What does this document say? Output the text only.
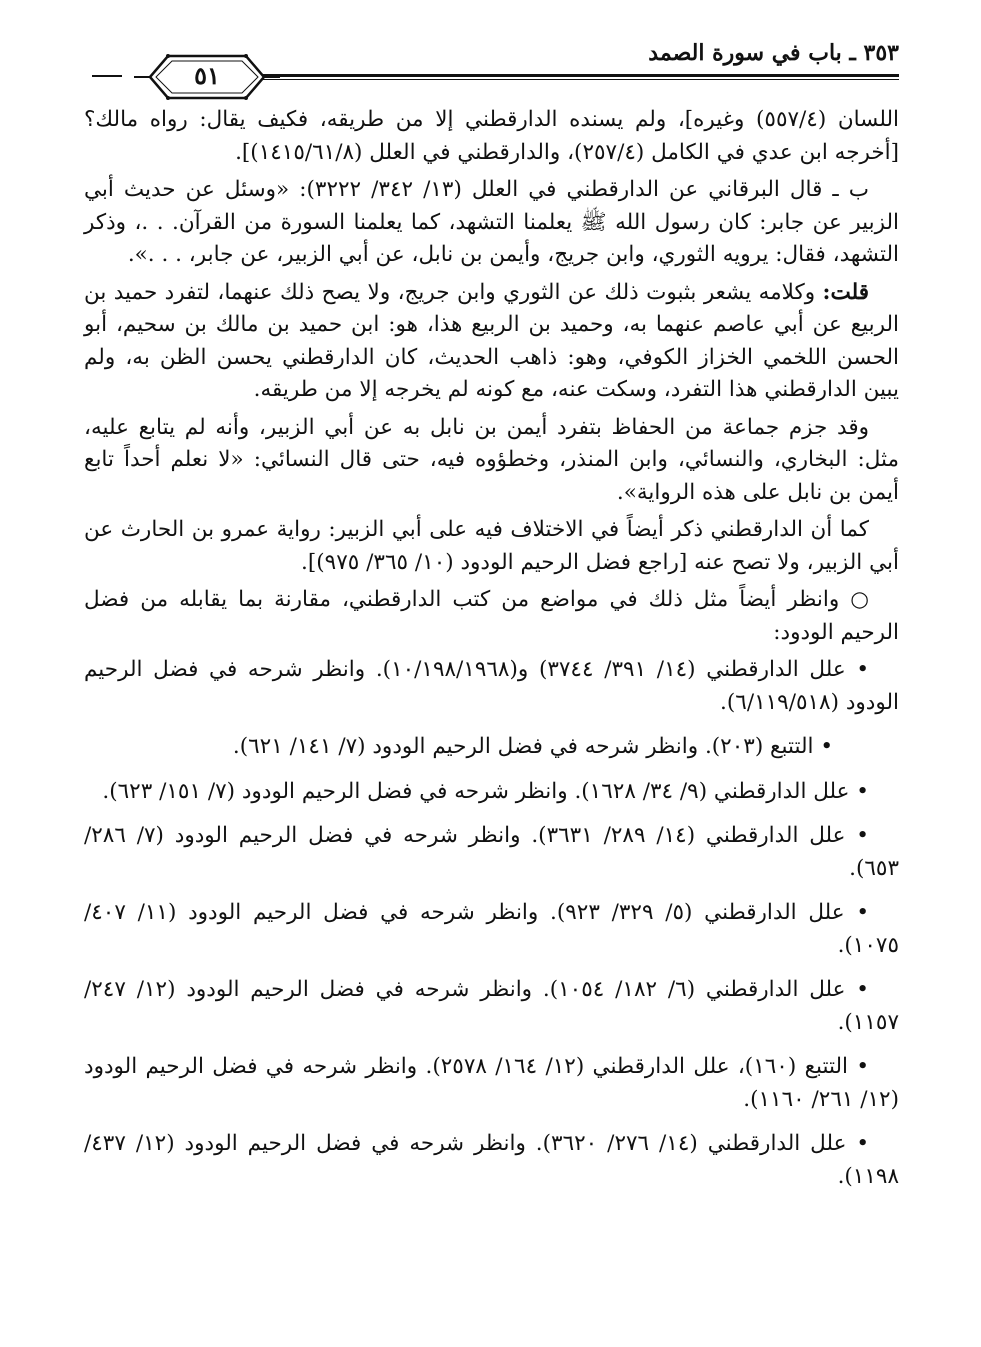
٣٥٣ ـ باب في سورة الصمد
٥١

اللسان (٥٥٧/٤) وغيره]، ولم يسنده الدارقطني إلا من طريقه، فكيف يقال: رواه مالك؟ [أخرجه ابن عدي في الكامل (٢٥٧/٤)، والدارقطني في العلل (١٤١٥/٦١/٨)].

ب ـ قال البرقاني عن الدارقطني في العلل (١٣/ ٣٤٢/ ٣٢٢٢): «وسئل عن حديث أبي الزبير عن جابر: كان رسول الله ﷺ يعلمنا التشهد، كما يعلمنا السورة من القرآن. . .، وذكر التشهد، فقال: يرويه الثوري، وابن جريج، وأيمن بن نابل، عن أبي الزبير، عن جابر، . . .».

قلت: وكلامه يشعر بثبوت ذلك عن الثوري وابن جريج، ولا يصح ذلك عنهما، لتفرد حميد بن الربيع عن أبي عاصم عنهما به، وحميد بن الربيع هذا، هو: ابن حميد بن مالك بن سحيم، أبو الحسن اللخمي الخزاز الكوفي، وهو: ذاهب الحديث، كان الدارقطني يحسن الظن به، ولم يبين الدارقطني هذا التفرد، وسكت عنه، مع كونه لم يخرجه إلا من طريقه.

وقد جزم جماعة من الحفاظ بتفرد أيمن بن نابل به عن أبي الزبير، وأنه لم يتابع عليه، مثل: البخاري، والنسائي، وابن المنذر، وخطؤوه فيه، حتى قال النسائي: «لا نعلم أحداً تابع أيمن بن نابل على هذه الرواية».

كما أن الدارقطني ذكر أيضاً في الاختلاف فيه على أبي الزبير: رواية عمرو بن الحارث عن أبي الزبير، ولا تصح عنه [راجع فضل الرحيم الودود (١٠/ ٣٦٥/ ٩٧٥)].

○ وانظر أيضاً مثل ذلك في مواضع من كتب الدارقطني، مقارنة بما يقابله من فضل الرحيم الودود:

• علل الدارقطني (١٤/ ٣٩١/ ٣٧٤٤) و(١٠/١٩٨/١٩٦٨). وانظر شرحه في فضل الرحيم الودود (٦/١١٩/٥١٨).

• التتبع (٢٠٣). وانظر شرحه في فضل الرحيم الودود (٧/ ١٤١/ ٦٢١).

• علل الدارقطني (٩/ ٣٤/ ١٦٢٨). وانظر شرحه في فضل الرحيم الودود (٧/ ١٥١/ ٦٢٣).

• علل الدارقطني (١٤/ ٢٨٩/ ٣٦٣١). وانظر شرحه في فضل الرحيم الودود (٧/ ٢٨٦/ ٦٥٣).

• علل الدارقطني (٥/ ٣٢٩/ ٩٢٣). وانظر شرحه في فضل الرحيم الودود (١١/ ٤٠٧/ ١٠٧٥).

• علل الدارقطني (٦/ ١٨٢/ ١٠٥٤). وانظر شرحه في فضل الرحيم الودود (١٢/ ٢٤٧/ ١١٥٧).

• التتبع (١٦٠)، علل الدارقطني (١٢/ ١٦٤/ ٢٥٧٨). وانظر شرحه في فضل الرحيم الودود (١٢/ ٢٦١/ ١١٦٠).

• علل الدارقطني (١٤/ ٢٧٦/ ٣٦٢٠). وانظر شرحه في فضل الرحيم الودود (١٢/ ٤٣٧/ ١١٩٨).
